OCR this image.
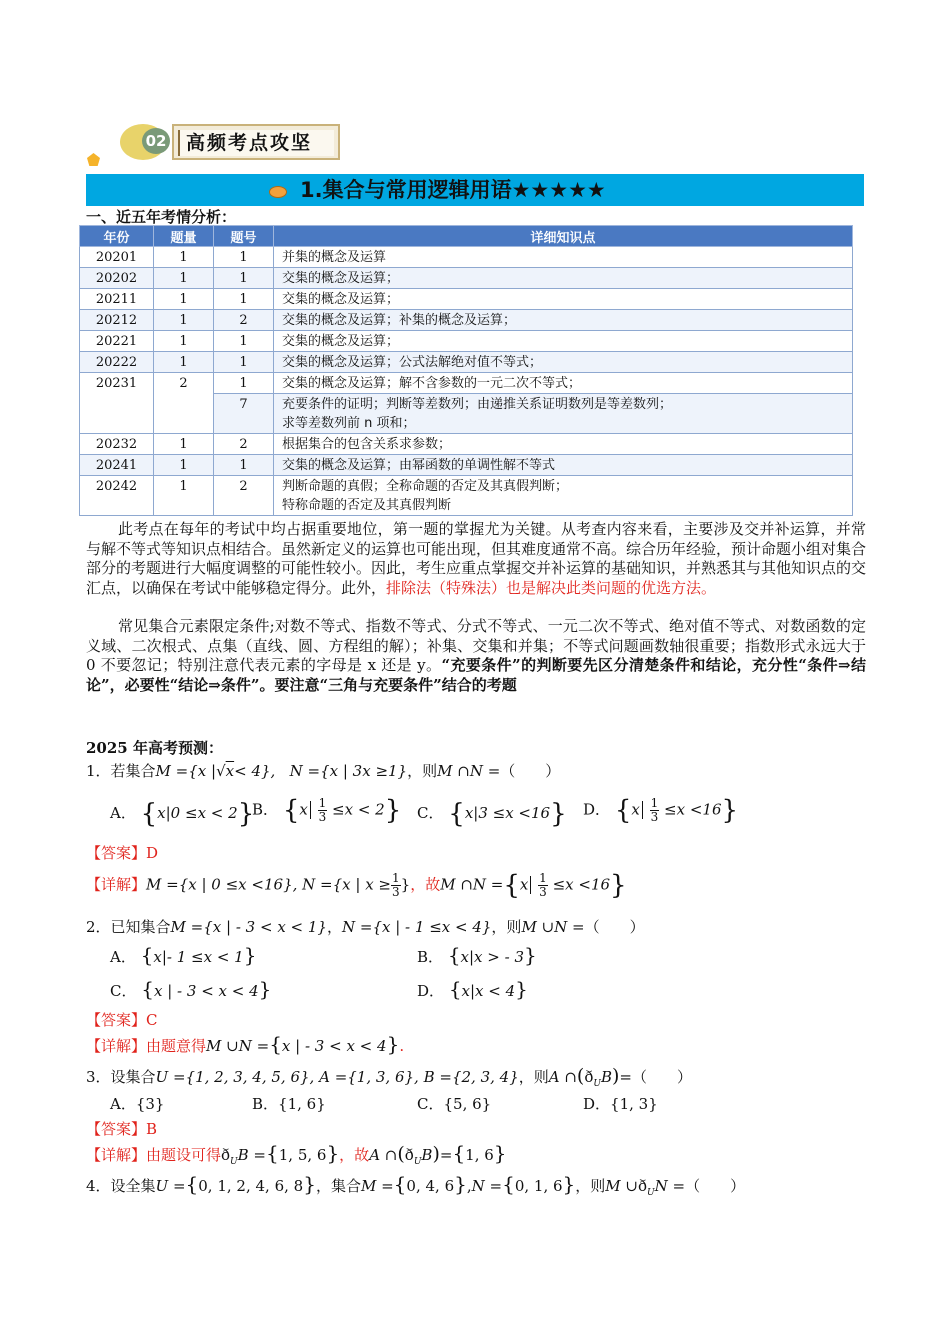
02	高频考点攻坚
1.集合与常用逻辑用语★★★★★
一、近五年考情分析：
年份	题量	题号	详细知识点
20201	1	1	并集的概念及运算
20202	1	1	交集的概念及运算；
20211	1	1	交集的概念及运算；
20212	1	2	交集的概念及运算；补集的概念及运算；
20221	1	1	交集的概念及运算；
20222	1	1	交集的概念及运算；公式法解绝对值不等式；
20231	2	1	交集的概念及运算；解不含参数的一元二次不等式；
		7	充要条件的证明；判断等差数列；由递推关系证明数列是等差数列；
求等差数列前 n 项和；

20232	1	2	根据集合的包含关系求参数；
20241	1	1	交集的概念及运算；由幂函数的单调性解不等式
20242	1	2	判断命题的真假；全称命题的否定及其真假判断；
特称命题的否定及其真假判断
此考点在每年的考试中均占据重要地位，第一题的掌握尤为关键。从考查内容来看，主要涉及交并补运算，并常与解不等式等知识点相结合。虽然新定义的运算也可能出现，但其难度通常不高。综合历年经验，预计命题小组对集合部分的考题进行大幅度调整的可能性较小。因此，考生应重点掌握交并补运算的基础知识，并熟悉其与其他知识点的交汇点，以确保在考试中能够稳定得分。此外，排除法（特殊法）也是解决此类问题的优选方法。
常见集合元素限定条件;对数不等式、指数不等式、分式不等式、一元二次不等式、绝对值不等式、对数函数的定义域、二次根式、点集（直线、圆、方程组的解）；补集、交集和并集；不等式问题画数轴很重要；指数形式永远大于 0 不要忽记；特别注意代表元素的字母是 x 还是 y。“充要条件”的判断要先区分清楚条件和结论，充分性“条件⇒结论”，必要性“结论⇒条件”。要注意“三角与充要条件”结合的考题
2025 年高考预测：
1．若集合M ={x |√x< 4}, N ={x | 3x ≥1}，则M ∩N =（　　）
A． {x|0 ≤x < 2}
B． $\{x \frac{1}{3} \le x < 2\}$ C． {x|3 ≤x <16} D． $\{x \frac{1}{3} \le x <16\}$
【答案】D
【详解】M ={x | 0 ≤x <16}, N ={x | $x \ge \frac{1}{3}$ }，故M ∩N $=\{x \frac{1}{3} \le x <16\}$
2．已知集合M ={x | - 3 < x < 1}，N ={x | - 1 ≤x < 4}，则M ∪N =（　　）
A． {x|- 1 ≤x < 1}	B． {x|x > - 3}
C． {x | - 3 < x < 4}	D． {x|x < 4}
【答案】C
【详解】由题意得M ∪N ={x | - 3 < x < 4}.
3．设集合U ={1, 2, 3, 4, 5, 6}, A ={1, 3, 6}, B ={2, 3, 4}，则A $\cap(ð_UB)=$（　　）
A．{3}	B．{1, 6}	C．{5, 6}	D．{1, 3}
【答案】B
【详解】由题设可得$ð_UB =\{1$, 5, 6}，故A $\cap(ð_UB)=\{1$, 6}
4．设全集U ={0, 1, 2, 4, 6, 8}，集合M ={0, 4, 6},N ={0, 1, 6}，则M $\cup ð_UN$ =（　　）
